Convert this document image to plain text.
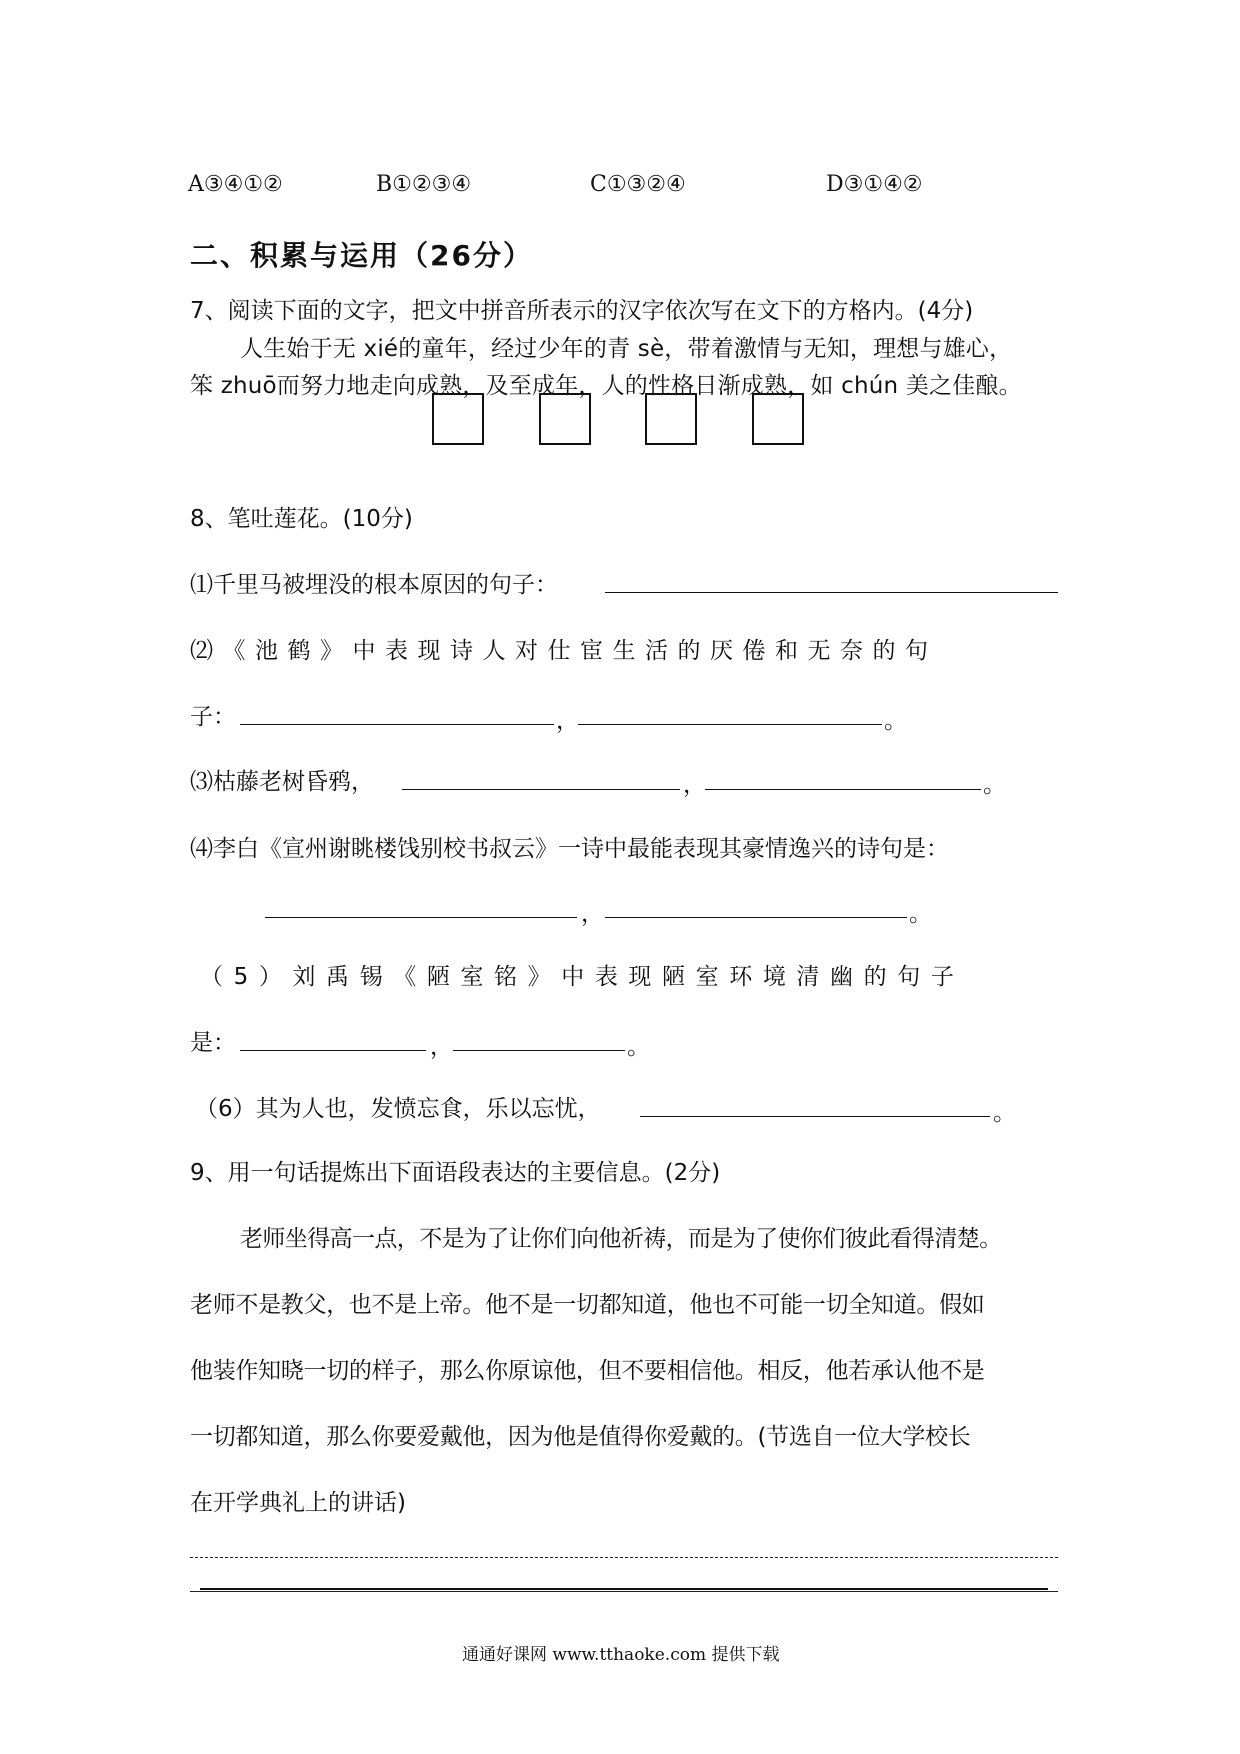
A③④①②	B①②③④	C①③②④	D③①④②
二、积累与运用（26分）
7、阅读下面的文字，把文中拼音所表示的汉字依次写在文下的方格内。(4分)
人生始于无 xié的童年，经过少年的青 sè，带着激情与无知，理想与雄心，
笨 zhuō而努力地走向成熟，及至成年，人的性格日渐成熟，如 chún 美之佳酿。
8、笔吐莲花。(10分)
⑴千里马被埋没的根本原因的句子：
⑵《池鹤》中表现诗人对仕宦生活的厌倦和无奈的句
子：	，	。
⑶枯藤老树昏鸦，	，	。
⑷李白《宣州谢眺楼饯别校书叔云》一诗中最能表现其豪情逸兴的诗句是：
，	。
（5）刘禹锡《陋室铭》中表现陋室环境清幽的句子
是：	，	。
（6）其为人也，发愤忘食，乐以忘忧，	。
9、用一句话提炼出下面语段表达的主要信息。(2分)
老师坐得高一点，不是为了让你们向他祈祷，而是为了使你们彼此看得清楚。
老师不是教父，也不是上帝。他不是一切都知道，他也不可能一切全知道。假如
他装作知晓一切的样子，那么你原谅他，但不要相信他。相反，他若承认他不是
一切都知道，那么你要爱戴他，因为他是值得你爱戴的。(节选自一位大学校长
在开学典礼上的讲话)
通通好课网 www.tthaoke.com 提供下载
